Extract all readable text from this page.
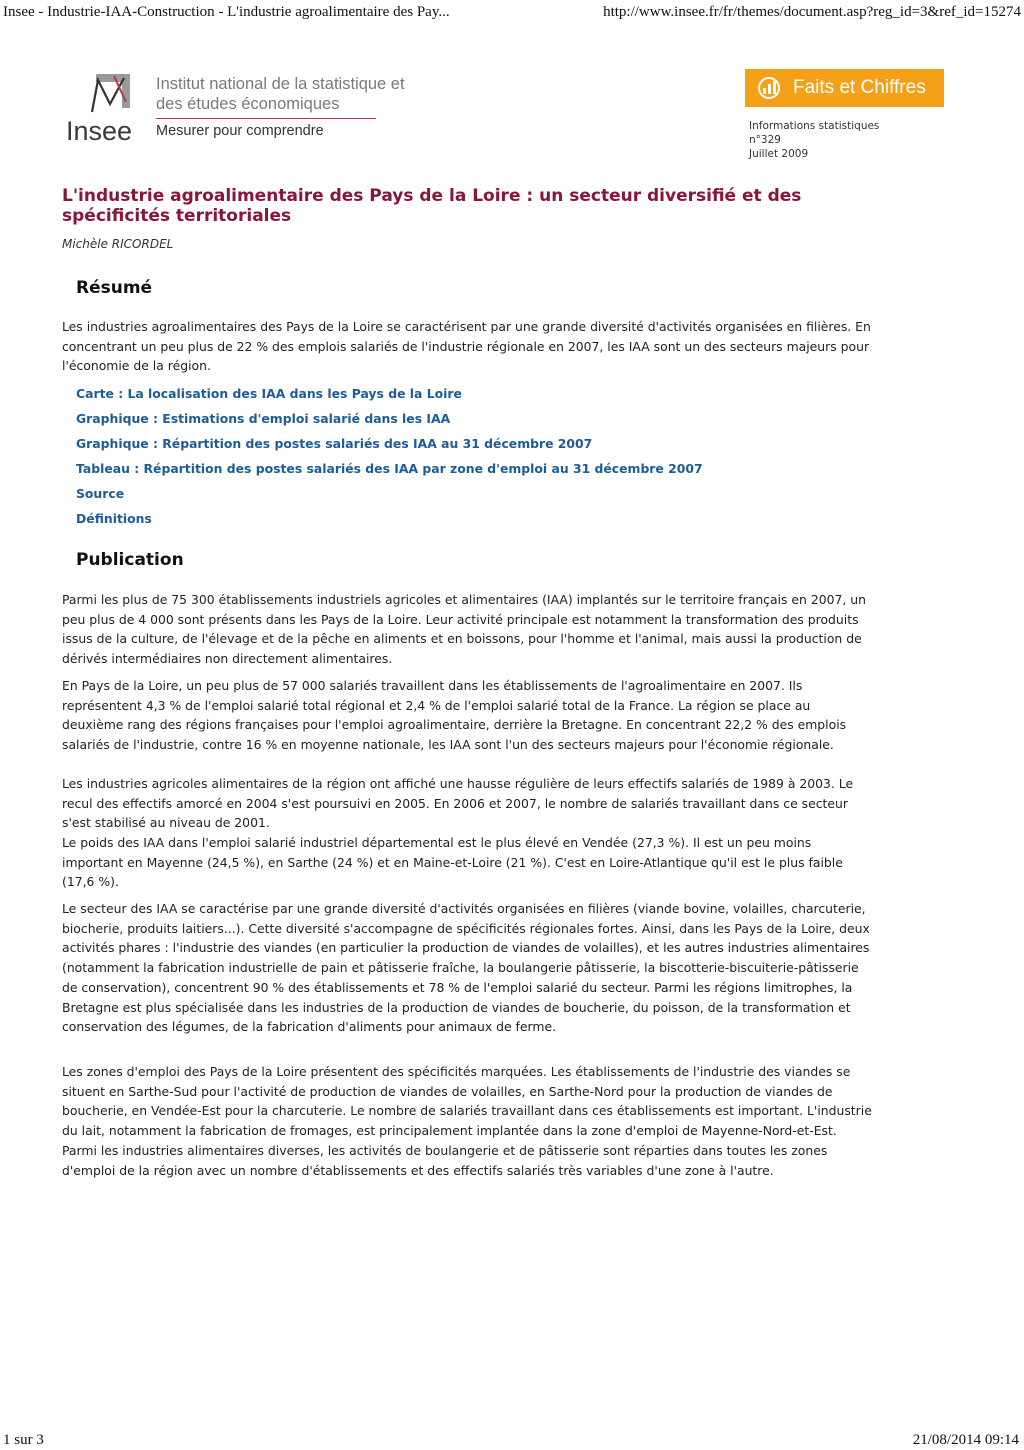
Insee - Industrie-IAA-Construction - L'industrie agroalimentaire des Pay...	http://www.insee.fr/fr/themes/document.asp?reg_id=3&ref_id=15274
Insee
Institut national de la statistique et des études économiques
Mesurer pour comprendre
Faits et Chiffres
Informations statistiques
n°329
Juillet 2009
L'industrie agroalimentaire des Pays de la Loire : un secteur diversifié et des spécificités territoriales
Michèle RICORDEL
Résumé

Les industries agroalimentaires des Pays de la Loire se caractérisent par une grande diversité d'activités organisées en filières. En concentrant un peu plus de 22 % des emplois salariés de l'industrie régionale en 2007, les IAA sont un des secteurs majeurs pour l'économie de la région.

Carte : La localisation des IAA dans les Pays de la Loire
Graphique : Estimations d'emploi salarié dans les IAA
Graphique : Répartition des postes salariés des IAA au 31 décembre 2007
Tableau : Répartition des postes salariés des IAA par zone d'emploi au 31 décembre 2007
Source
Définitions
Publication

Parmi les plus de 75 300 établissements industriels agricoles et alimentaires (IAA) implantés sur le territoire français en 2007, un peu plus de 4 000 sont présents dans les Pays de la Loire. Leur activité principale est notamment la transformation des produits issus de la culture, de l'élevage et de la pêche en aliments et en boissons, pour l'homme et l'animal, mais aussi la production de dérivés intermédiaires non directement alimentaires.

En Pays de la Loire, un peu plus de 57 000 salariés travaillent dans les établissements de l'agroalimentaire en 2007. Ils représentent 4,3 % de l'emploi salarié total régional et 2,4 % de l'emploi salarié total de la France. La région se place au deuxième rang des régions françaises pour l'emploi agroalimentaire, derrière la Bretagne. En concentrant 22,2 % des emplois salariés de l'industrie, contre 16 % en moyenne nationale, les IAA sont l'un des secteurs majeurs pour l'économie régionale.

Les industries agricoles alimentaires de la région ont affiché une hausse régulière de leurs effectifs salariés de 1989 à 2003. Le recul des effectifs amorcé en 2004 s'est poursuivi en 2005. En 2006 et 2007, le nombre de salariés travaillant dans ce secteur s'est stabilisé au niveau de 2001.

Le poids des IAA dans l'emploi salarié industriel départemental est le plus élevé en Vendée (27,3 %). Il est un peu moins important en Mayenne (24,5 %), en Sarthe (24 %) et en Maine-et-Loire (21 %). C'est en Loire-Atlantique qu'il est le plus faible (17,6 %).

Le secteur des IAA se caractérise par une grande diversité d'activités organisées en filières (viande bovine, volailles, charcuterie, biocherie, produits laitiers...). Cette diversité s'accompagne de spécificités régionales fortes. Ainsi, dans les Pays de la Loire, deux activités phares : l'industrie des viandes (en particulier la production de viandes de volailles), et les autres industries alimentaires (notamment la fabrication industrielle de pain et pâtisserie fraîche, la boulangerie pâtisserie, la biscotterie-biscuiterie-pâtisserie de conservation), concentrent 90 % des établissements et 78 % de l'emploi salarié du secteur. Parmi les régions limitrophes, la Bretagne est plus spécialisée dans les industries de la production de viandes de boucherie, du poisson, de la transformation et conservation des légumes, de la fabrication d'aliments pour animaux de ferme.

Les zones d'emploi des Pays de la Loire présentent des spécificités marquées. Les établissements de l'industrie des viandes se situent en Sarthe-Sud pour l'activité de production de viandes de volailles, en Sarthe-Nord pour la production de viandes de boucherie, en Vendée-Est pour la charcuterie. Le nombre de salariés travaillant dans ces établissements est important. L'industrie du lait, notamment la fabrication de fromages, est principalement implantée dans la zone d'emploi de Mayenne-Nord-et-Est. Parmi les industries alimentaires diverses, les activités de boulangerie et de pâtisserie sont réparties dans toutes les zones d'emploi de la région avec un nombre d'établissements et des effectifs salariés très variables d'une zone à l'autre.

1 sur 3	21/08/2014 09:14
